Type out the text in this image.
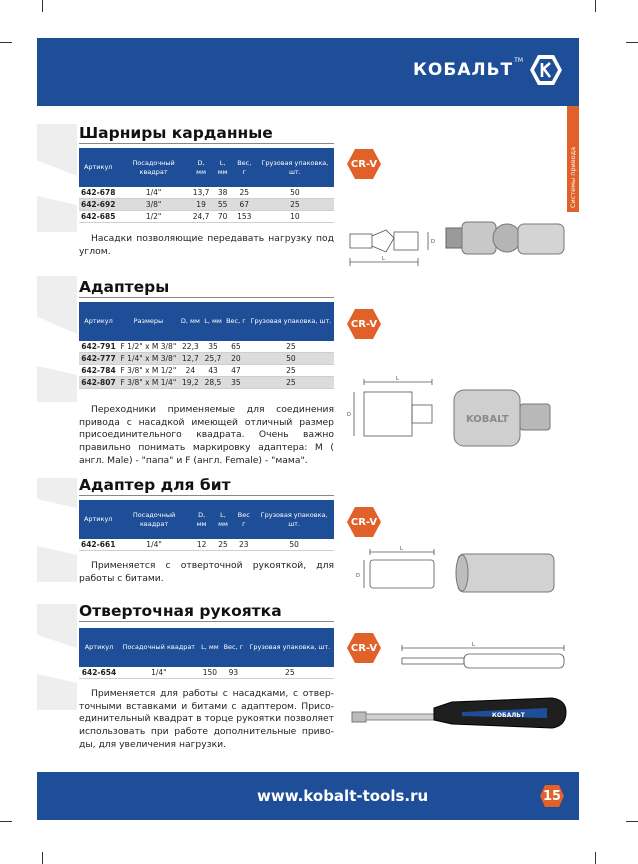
КОБАЛЬТ TM
Системы привода
Шарниры карданные
Артикул	Посадочный квадрат	D, мм	L, мм	Вес, г	Грузовая упаковка, шт.
642-678	1/4"	13,7	38	25	50
642-692	3/8"	19	55	67	25
642-685	1/2"	24,7	70	153	10
Насадки позволяющие передавать нагрузку под углом.
CR-V
L
D
Адаптеры
Артикул	Размеры	D, мм	L, мм	Вес, г	Грузовая упаковка, шт.
642-791	F 1/2" x M 3/8"	22,3	35	65	25
642-777	F 1/4" x M 3/8"	12,7	25,7	20	50
642-784	F 3/8" x M 1/2"	24	43	47	25
642-807	F 3/8" x M 1/4"	19,2	28,5	35	25
Переходники применяемые для соединения привода с насадкой имеющей отличный размер присоединительного квадрата. Очень важно правильно понимать маркировку адаптера: M ( англ. Male) - "папа" и F (англ. Female) - "мама".
CR-V
L
D	KOBALT
Адаптер для бит
Артикул	Посадочный квадрат	D, мм	L, мм	Вес г	Грузовая упаковка, шт.
642-661	1/4"	12	25	23	50
Применяется с отверточной рукояткой, для работы с битами.
CR-V
L
D
Отверточная рукоятка
Артикул	Посадочный квадрат	L, мм	Вес, г	Грузовая упаковка, шт.
642-654	1/4"	150	93	25
Применяется для работы с насадками, с отвер-точными вставками и битами с адаптером. Присо-единительный квадрат в торце рукоятки позволяет использовать при работе дополнительные приво-ды, для увеличения нагрузки.
CR-V	L
КОБАЛЬТ
www.kobalt-tools.ru	15
